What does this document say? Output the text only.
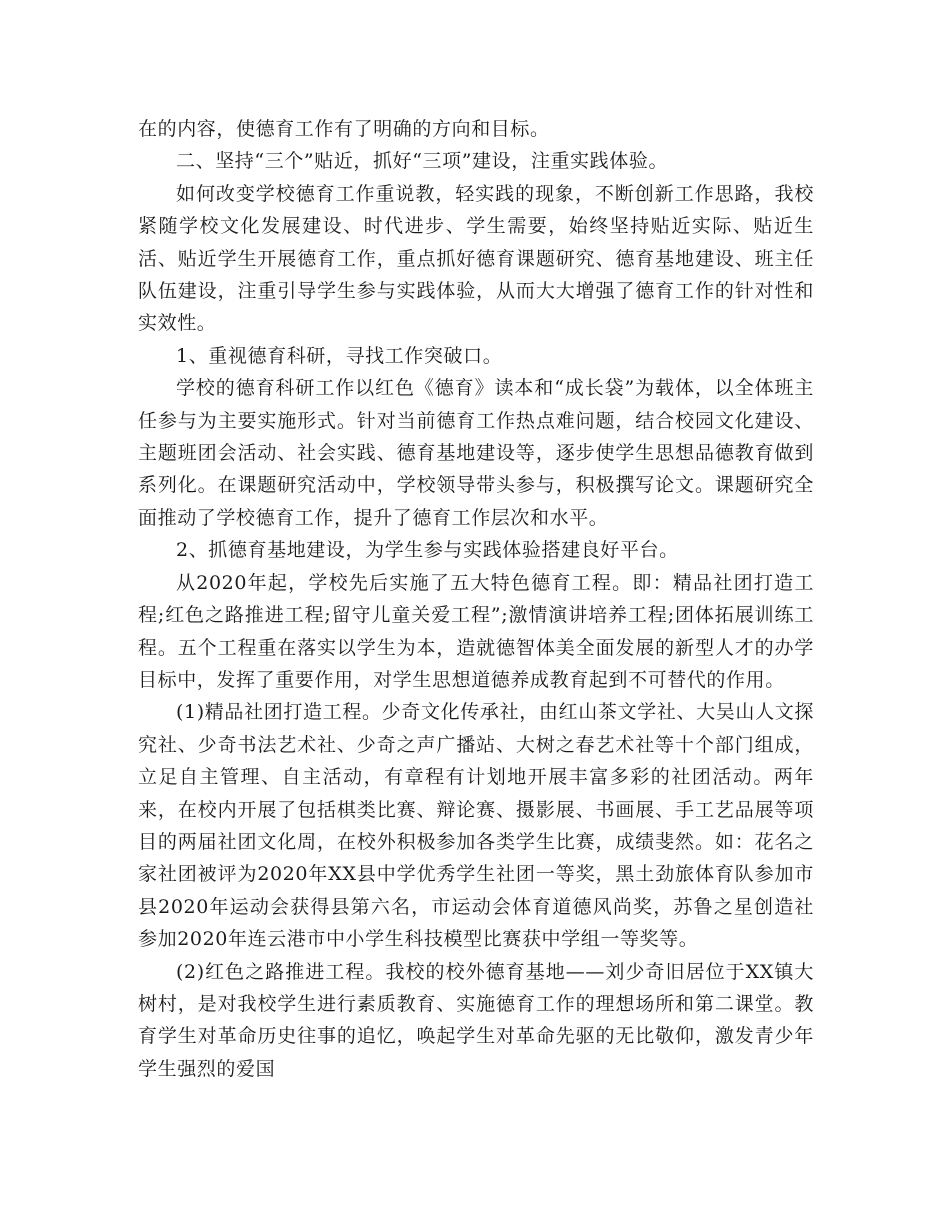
在的内容，使德育工作有了明确的方向和目标。

二、坚持“三个”贴近，抓好“三项”建设，注重实践体验。

如何改变学校德育工作重说教，轻实践的现象，不断创新工作思路，我校紧随学校文化发展建设、时代进步、学生需要，始终坚持贴近实际、贴近生活、贴近学生开展德育工作，重点抓好德育课题研究、德育基地建设、班主任队伍建设，注重引导学生参与实践体验，从而大大增强了德育工作的针对性和实效性。

1、重视德育科研，寻找工作突破口。

学校的德育科研工作以红色《德育》读本和“成长袋”为载体，以全体班主任参与为主要实施形式。针对当前德育工作热点难问题，结合校园文化建设、主题班团会活动、社会实践、德育基地建设等，逐步使学生思想品德教育做到系列化。在课题研究活动中，学校领导带头参与，积极撰写论文。课题研究全面推动了学校德育工作，提升了德育工作层次和水平。

2、抓德育基地建设，为学生参与实践体验搭建良好平台。

从2020年起，学校先后实施了五大特色德育工程。即：精品社团打造工程;红色之路推进工程;留守儿童关爱工程”;激情演讲培养工程;团体拓展训练工程。五个工程重在落实以学生为本，造就德智体美全面发展的新型人才的办学目标中，发挥了重要作用，对学生思想道德养成教育起到不可替代的作用。

(1)精品社团打造工程。少奇文化传承社，由红山茶文学社、大吴山人文探究社、少奇书法艺术社、少奇之声广播站、大树之春艺术社等十个部门组成，立足自主管理、自主活动，有章程有计划地开展丰富多彩的社团活动。两年来，在校内开展了包括棋类比赛、辩论赛、摄影展、书画展、手工艺品展等项目的两届社团文化周，在校外积极参加各类学生比赛，成绩斐然。如：花名之家社团被评为2020年XX县中学优秀学生社团一等奖，黑土劲旅体育队参加市县2020年运动会获得县第六名，市运动会体育道德风尚奖，苏鲁之星创造社参加2020年连云港市中小学生科技模型比赛获中学组一等奖等。

(2)红色之路推进工程。我校的校外德育基地——刘少奇旧居位于XX镇大树村，是对我校学生进行素质教育、实施德育工作的理想场所和第二课堂。教育学生对革命历史往事的追忆，唤起学生对革命先驱的无比敬仰，激发青少年学生强烈的爱国
